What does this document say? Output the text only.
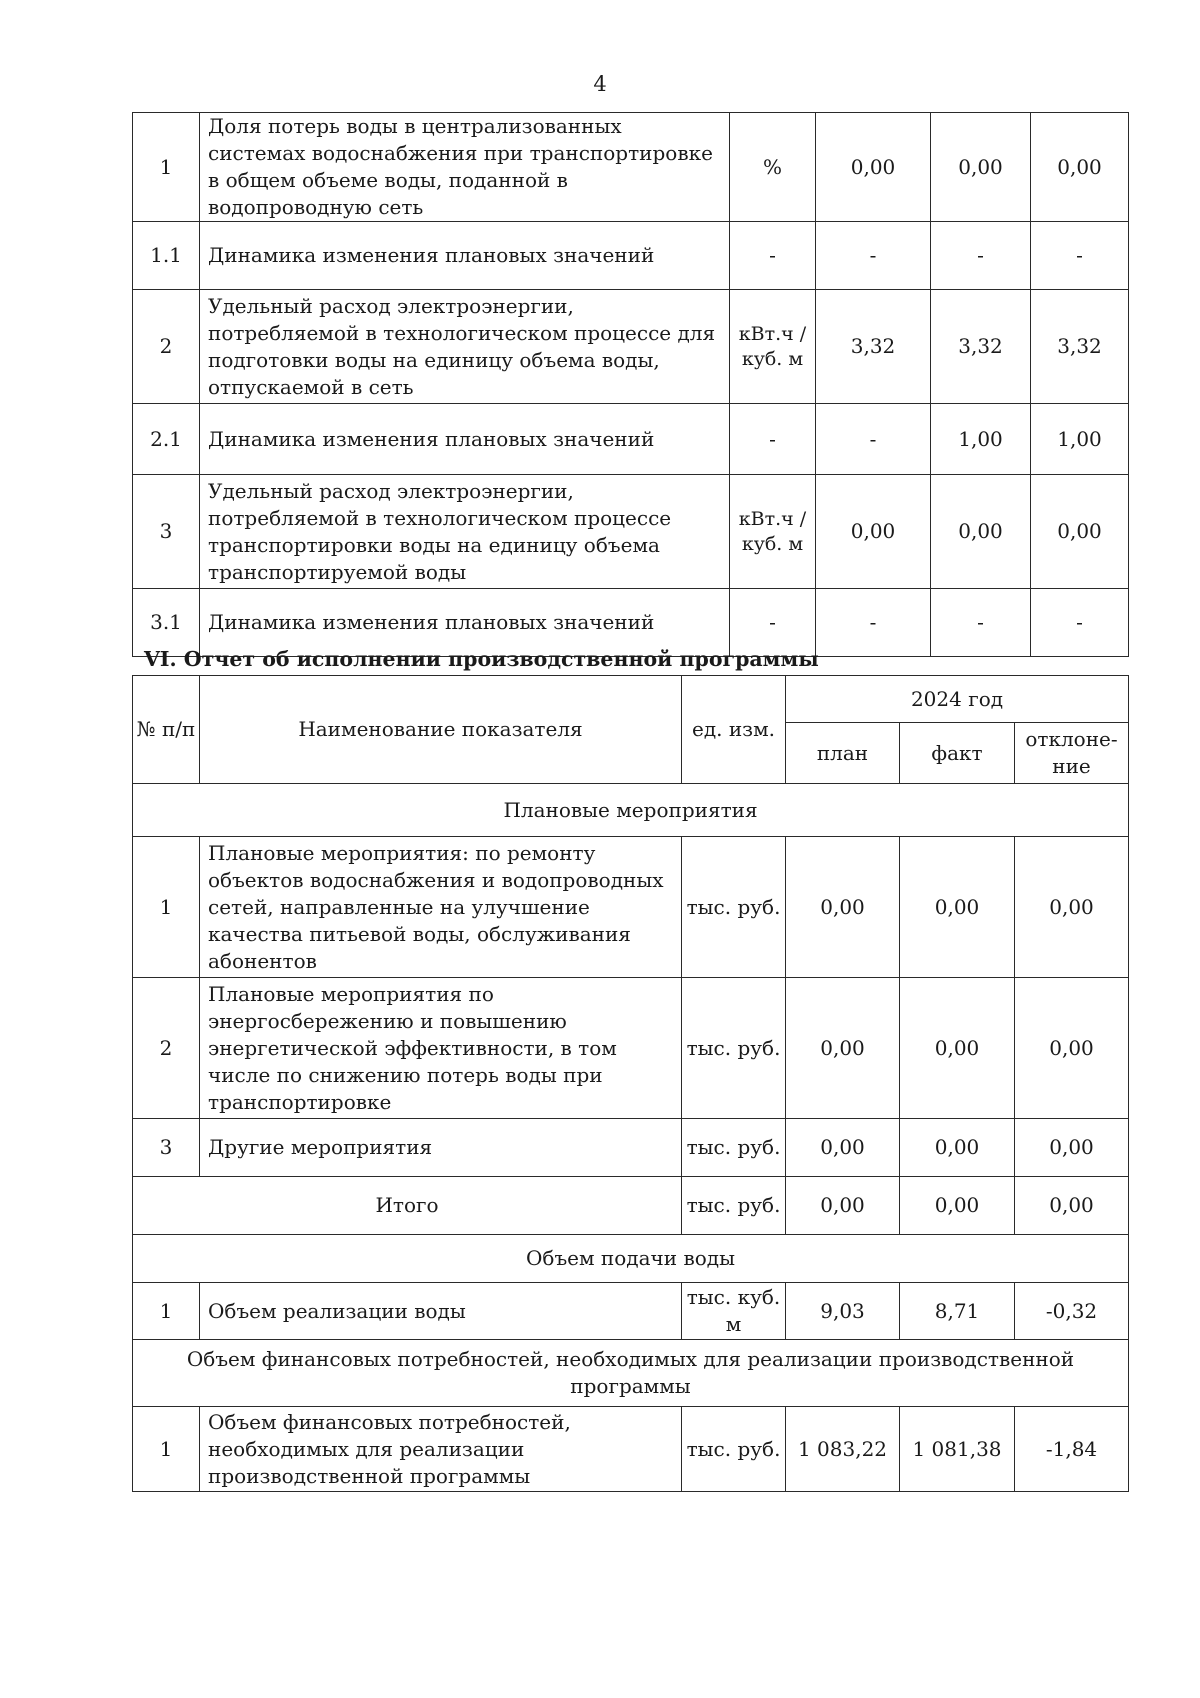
4
1	Доля потерь воды в централизованных системах водоснабжения при транспортировке в общем объеме воды, поданной в водопроводную сеть	%	0,00	0,00	0,00
1.1	Динамика изменения плановых значений	-	-	-	-
2	Удельный расход электроэнергии, потребляемой в технологическом процессе для подготовки воды на единицу объема воды, отпускаемой в сеть	кВт.ч / куб. м	3,32	3,32	3,32
2.1	Динамика изменения плановых значений	-	-	1,00	1,00
3	Удельный расход электроэнергии, потребляемой в технологическом процессе транспортировки воды на единицу объема транспортируемой воды	кВт.ч / куб. м	0,00	0,00	0,00
3.1	Динамика изменения плановых значений	-	-	-	-
VI. Отчет об исполнении производственной программы
№ п/п	Наименование показателя	ед. изм.	2024 год		
			план	факт	отклоне-ние
Плановые мероприятия					
1	Плановые мероприятия: по ремонту объектов водоснабжения и водопроводных сетей, направленные на улучшение качества питьевой воды, обслуживания абонентов	тыс. руб.	0,00	0,00	0,00
2	Плановые мероприятия по энергосбережению и повышению энергетической эффективности, в том числе по снижению потерь воды при транспортировке	тыс. руб.	0,00	0,00	0,00
3	Другие мероприятия	тыс. руб.	0,00	0,00	0,00
Итого		тыс. руб.	0,00	0,00	0,00
Объем подачи воды					
1	Объем реализации воды	тыс. куб. м	9,03	8,71	-0,32
Объем финансовых потребностей, необходимых для реализации производственной программы					
1	Объем финансовых потребностей, необходимых для реализации производственной программы	тыс. руб.	1 083,22	1 081,38	-1,84
